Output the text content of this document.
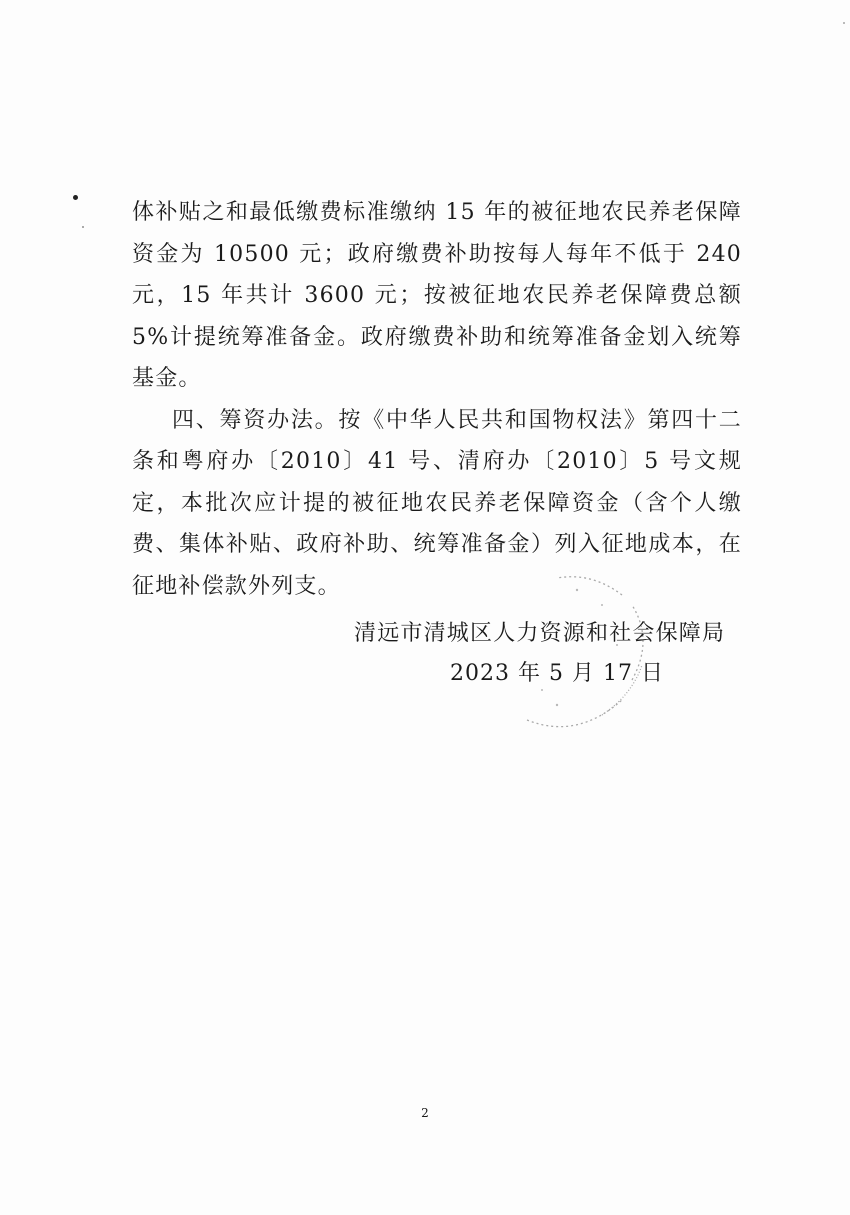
体补贴之和最低缴费标准缴纳 15 年的被征地农民养老保障资金为 10500 元；政府缴费补助按每人每年不低于 240 元，15 年共计 3600 元；按被征地农民养老保障费总额 5%计提统筹准备金。政府缴费补助和统筹准备金划入统筹基金。

四、筹资办法。按《中华人民共和国物权法》第四十二条和粤府办〔2010〕41 号、清府办〔2010〕5 号文规定，本批次应计提的被征地农民养老保障资金（含个人缴费、集体补贴、政府补助、统筹准备金）列入征地成本，在征地补偿款外列支。

清远市清城区人力资源和社会保障局
2023 年 5 月 17 日
2
